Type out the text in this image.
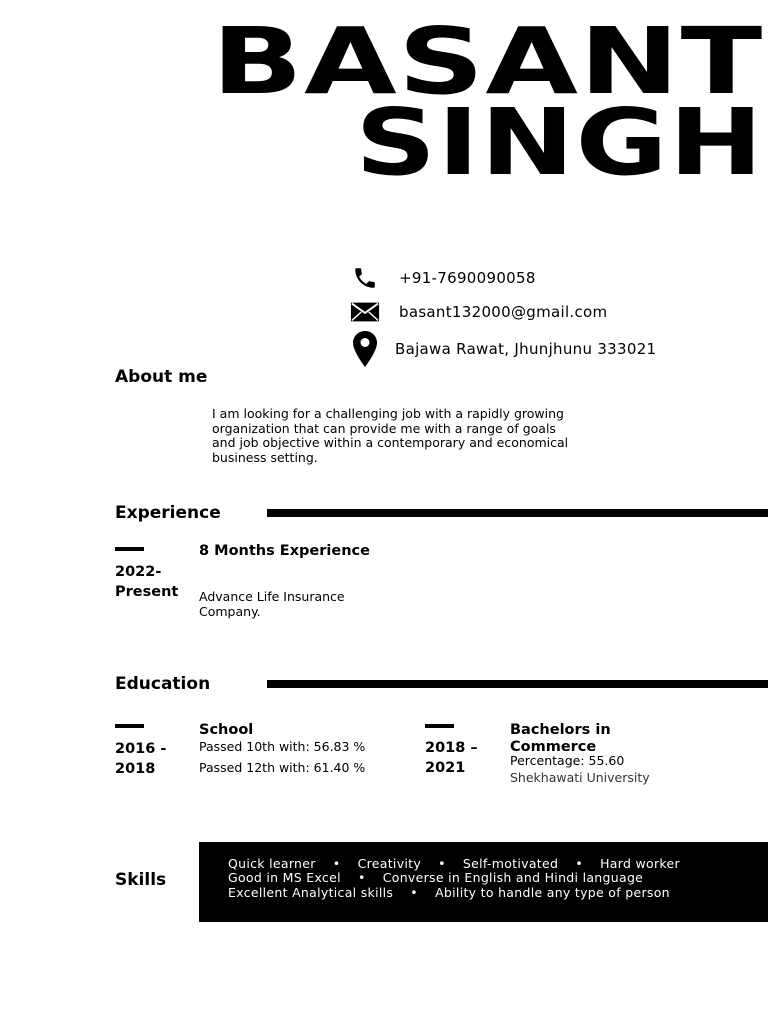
BASANT
SINGH
+91-7690090058
basant132000@gmail.com
Bajawa Rawat, Jhunjhunu 333021
About me
I am looking for a challenging job with a rapidly growing organization that can provide me with a range of goals and job objective within a contemporary and economical business setting.
Experience
2022-
Present
8 Months Experience
Advance Life Insurance
Company.
Education
2016 -
2018
School
Passed 10th with: 56.83 %
Passed 12th with: 61.40 %
2018 –
2021
Bachelors in
Commerce
Percentage: 55.60
Shekhawati University
Skills
Quick learner    •    Creativity    •    Self-motivated    •    Hard worker
Good in MS Excel    •    Converse in English and Hindi language
Excellent Analytical skills    •    Ability to handle any type of person
